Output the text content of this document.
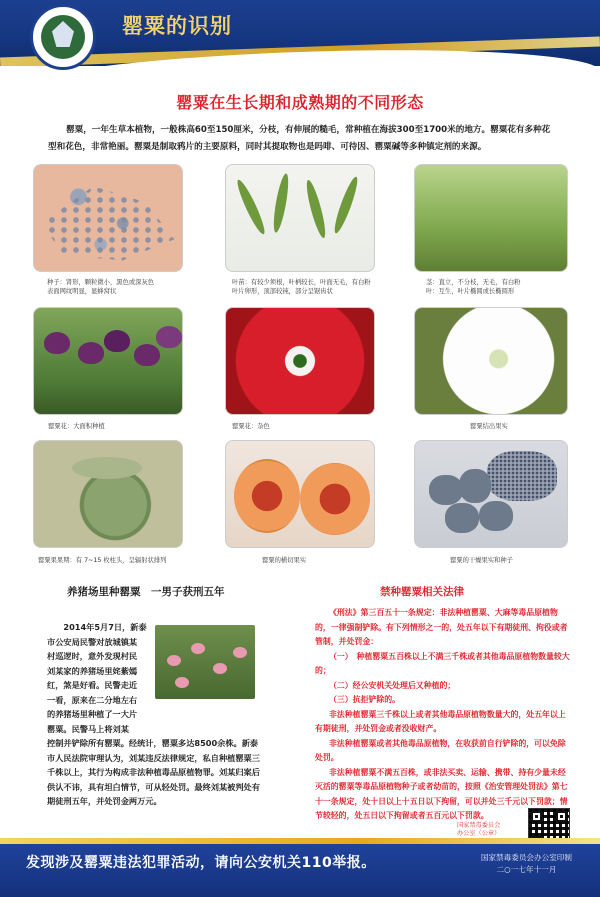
罂粟的识别
罂粟在生长期和成熟期的不同形态
罂粟，一年生草本植物，一般株高60至150厘米，分枝，有伸展的糙毛，常种植在海拔300至1700米的地方。罂粟花有多种花型和花色，非常艳丽。罂粟是制取鸦片的主要原料，同时其提取物也是吗啡、可待因、罂粟碱等多种镇定剂的来源。
种子：肾形，颗粒微小，黑色或深灰色
表面网纹明显，显蜂窝状
叶苗：有较少须根，叶柄较长，叶面无毛，有白粉
叶片卵形，顶部较钝，部分呈锯齿状
茎：直立，不分枝，无毛，有白粉
叶：互生，叶片椭圆或长椭圆形
罂粟花：大面积种植	罂粟花：杂色	罂粟结出果实
罂粟果果期：有 7~15 枚柱头，呈辐射状排列	罂粟的横切果实	罂粟的干燥果实和种子
养猪场里种罂粟　一男子获刑五年
　　2014年5月7日，新泰
市公安局民警对放城镇某
村巡逻时，意外发现村民
刘某家的养猪场里姹紫嫣
红，煞是好看。民警走近
一看，原来在二分地左右
的养猪场里种植了一大片
罂粟。民警马上将刘某
控制并铲除所有罂粟。经统计，罂粟多达8500余株。新泰市人民法院审理认为，刘某违反法律规定，私自种植罂粟三千株以上，其行为构成非法种植毒品原植物罪。刘某归案后供认不讳，具有坦白情节，可从轻处罚。最终刘某被判处有期徒刑五年，并处罚金两万元。
禁种罂粟相关法律

《刑法》第三百五十一条规定：非法种植罂粟、大麻等毒品原植物的，一律强制铲除。有下列情形之一的，处五年以下有期徒刑、拘役或者管制，并处罚金：

（一）　种植罂粟五百株以上不满三千株或者其他毒品原植物数量较大的；

（二）经公安机关处理后又种植的；

（三）抗拒铲除的。

非法种植罂粟三千株以上或者其他毒品原植物数量大的，处五年以上有期徒刑，并处罚金或者没收财产。

非法种植罂粟或者其他毒品原植物，在收获前自行铲除的，可以免除处罚。

非法种植罂粟不满五百株，或非法买卖、运输、携带、持有少量未经灭活的罂粟等毒品原植物种子或者幼苗的，按照《治安管理处罚法》第七十一条规定，处十日以上十五日以下拘留，可以并处三千元以下罚款；情节较轻的，处五日以下拘留或者五百元以下罚款。

国家禁毒委员会
办公室（公章）
发现涉及罂粟违法犯罪活动，请向公安机关110举报。	国家禁毒委员会办公室印制
二○一七年十一月
